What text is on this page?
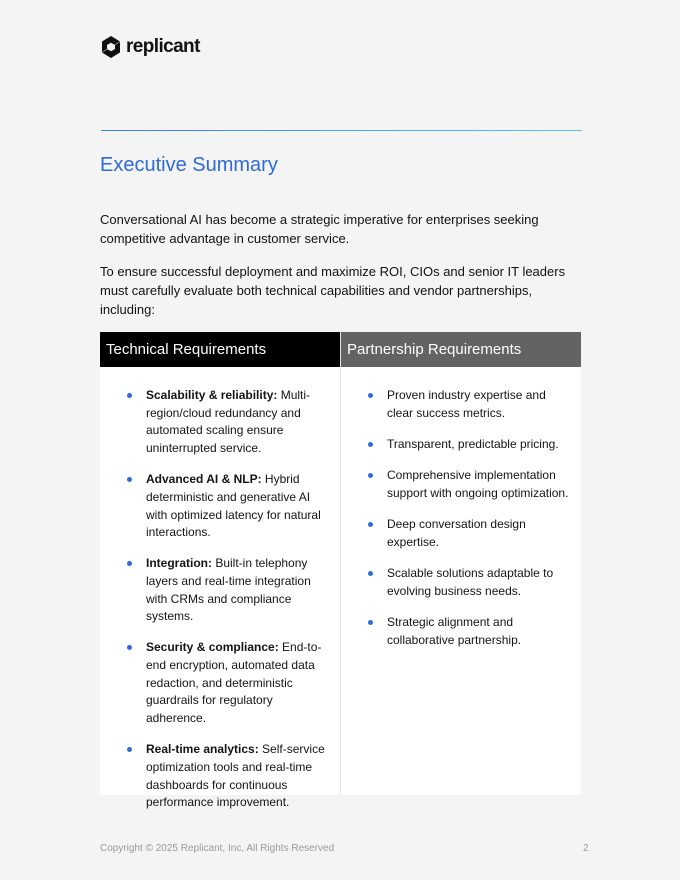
replicant
Executive Summary

Conversational AI has become a strategic imperative for enterprises seeking competitive advantage in customer service.

To ensure successful deployment and maximize ROI, CIOs and senior IT leaders must carefully evaluate both technical capabilities and vendor partnerships, including:

Technical Requirements
Scalability & reliability: Multi-region/cloud redundancy and automated scaling ensure uninterrupted service.
Advanced AI & NLP: Hybrid deterministic and generative AI with optimized latency for natural interactions.
Integration: Built-in telephony layers and real-time integration with CRMs and compliance systems.
Security & compliance: End-to-end encryption, automated data redaction, and deterministic guardrails for regulatory adherence.
Real-time analytics: Self-service optimization tools and real-time dashboards for continuous performance improvement.
Partnership Requirements
Proven industry expertise and clear success metrics.
Transparent, predictable pricing.
Comprehensive implementation support with ongoing optimization.
Deep conversation design expertise.
Scalable solutions adaptable to evolving business needs.
Strategic alignment and collaborative partnership.
Copyright © 2025 Replicant, Inc, All Rights Reserved	2
